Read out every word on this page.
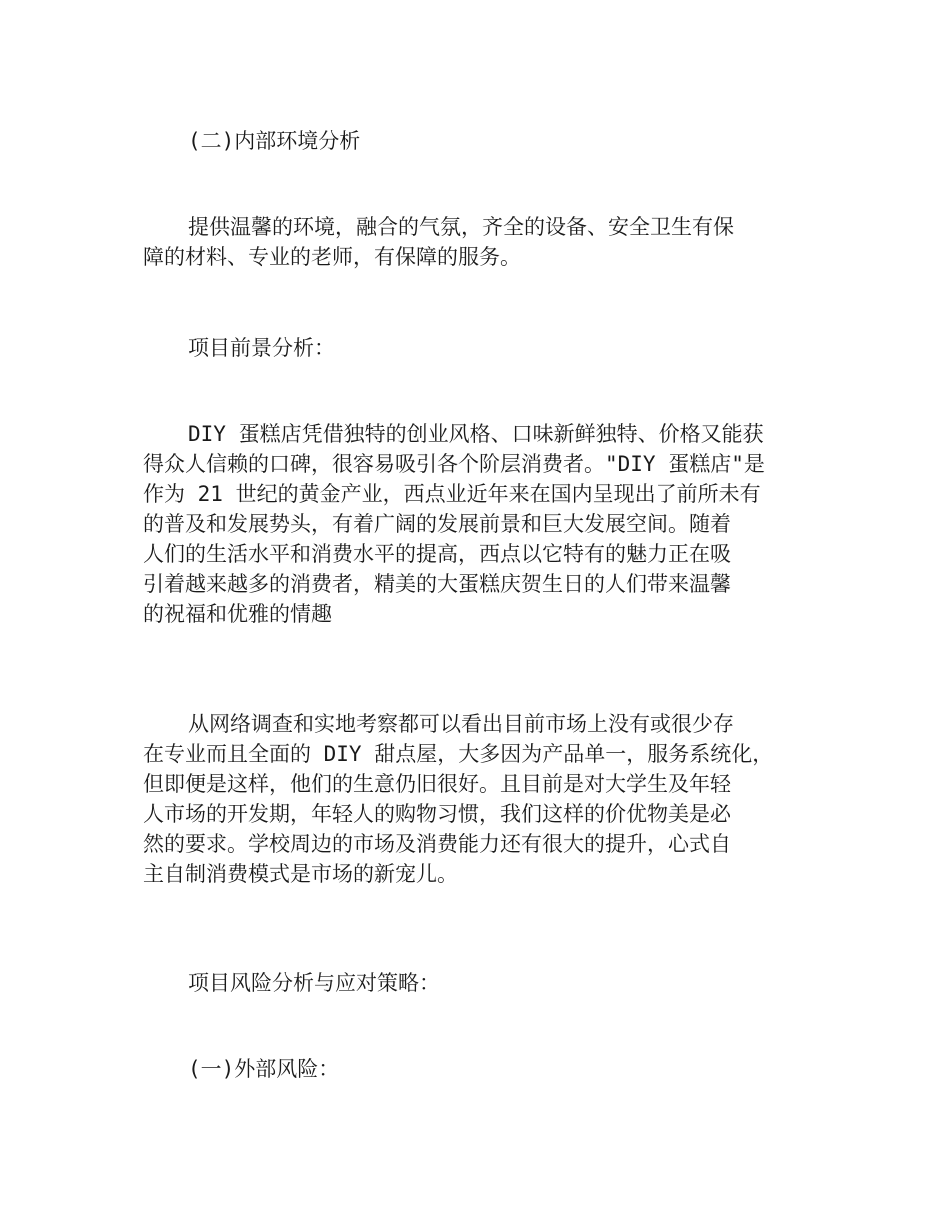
(二)内部环境分析
提供温馨的环境，融合的气氛，齐全的设备、安全卫生有保
障的材料、专业的老师，有保障的服务。
项目前景分析：
DIY 蛋糕店凭借独特的创业风格、口味新鲜独特、价格又能获
得众人信赖的口碑，很容易吸引各个阶层消费者。"DIY 蛋糕店"是
作为 21 世纪的黄金产业，西点业近年来在国内呈现出了前所未有
的普及和发展势头，有着广阔的发展前景和巨大发展空间。随着
人们的生活水平和消费水平的提高，西点以它特有的魅力正在吸
引着越来越多的消费者，精美的大蛋糕庆贺生日的人们带来温馨
的祝福和优雅的情趣
从网络调查和实地考察都可以看出目前市场上没有或很少存
在专业而且全面的 DIY 甜点屋，大多因为产品单一，服务系统化，
但即便是这样，他们的生意仍旧很好。且目前是对大学生及年轻
人市场的开发期，年轻人的购物习惯，我们这样的价优物美是必
然的要求。学校周边的市场及消费能力还有很大的提升，心式自
主自制消费模式是市场的新宠儿。
项目风险分析与应对策略：
(一)外部风险：
